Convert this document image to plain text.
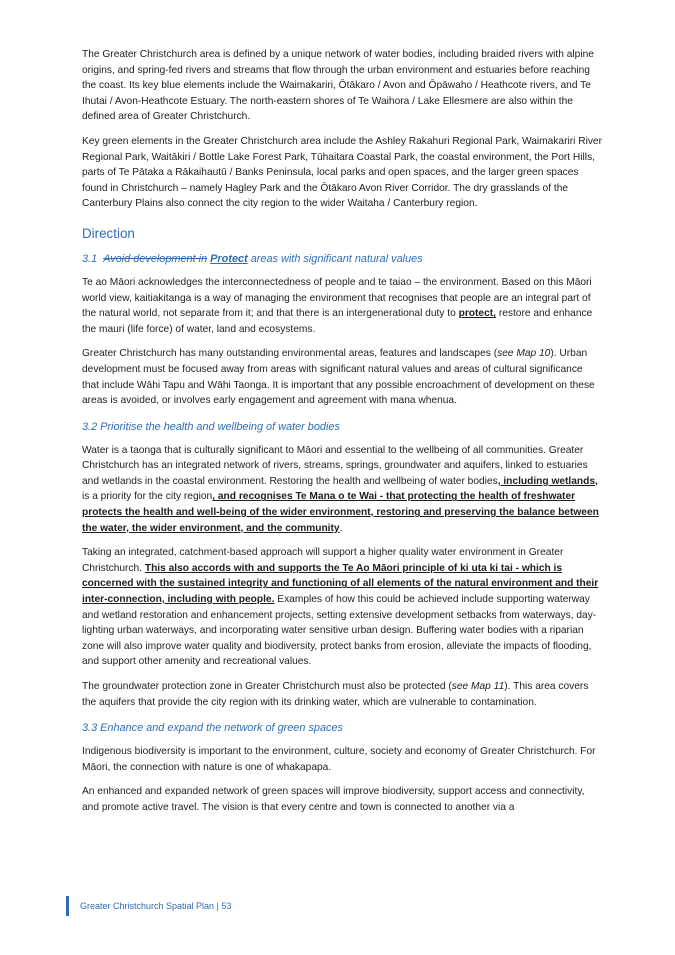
The Greater Christchurch area is defined by a unique network of water bodies, including braided rivers with alpine origins, and spring-fed rivers and streams that flow through the urban environment and estuaries before reaching the coast. Its key blue elements include the Waimakariri, Ōtākaro / Avon and Ōpāwaho / Heathcote rivers, and Te Ihutai / Avon-Heathcote Estuary. The north-eastern shores of Te Waihora / Lake Ellesmere are also within the defined area of Greater Christchurch.

Key green elements in the Greater Christchurch area include the Ashley Rakahuri Regional Park, Waimakariri River Regional Park, Waitākiri / Bottle Lake Forest Park, Tūhaitara Coastal Park, the coastal environment, the Port Hills, parts of Te Pātaka a Rākaihautū / Banks Peninsula, local parks and open spaces, and the larger green spaces found in Christchurch – namely Hagley Park and the Ōtākaro Avon River Corridor. The dry grasslands of the Canterbury Plains also connect the city region to the wider Waitaha / Canterbury region.

Direction
3.1 Avoid development in Protect areas with significant natural values

Te ao Māori acknowledges the interconnectedness of people and te taiao – the environment. Based on this Māori world view, kaitiakitanga is a way of managing the environment that recognises that people are an integral part of the natural world, not separate from it; and that there is an intergenerational duty to protect, restore and enhance the mauri (life force) of water, land and ecosystems.

Greater Christchurch has many outstanding environmental areas, features and landscapes (see Map 10). Urban development must be focused away from areas with significant natural values and areas of cultural significance that include Wāhi Tapu and Wāhi Taonga. It is important that any possible encroachment of development on these areas is avoided, or involves early engagement and agreement with mana whenua.

3.2 Prioritise the health and wellbeing of water bodies

Water is a taonga that is culturally significant to Māori and essential to the wellbeing of all communities. Greater Christchurch has an integrated network of rivers, streams, springs, groundwater and aquifers, linked to estuaries and wetlands in the coastal environment. Restoring the health and wellbeing of water bodies, including wetlands, is a priority for the city region, and recognises Te Mana o te Wai - that protecting the health of freshwater protects the health and well-being of the wider environment, restoring and preserving the balance between the water, the wider environment, and the community.

Taking an integrated, catchment-based approach will support a higher quality water environment in Greater Christchurch. This also accords with and supports the Te Ao Māori principle of ki uta ki tai - which is concerned with the sustained integrity and functioning of all elements of the natural environment and their inter-connection, including with people. Examples of how this could be achieved include supporting waterway and wetland restoration and enhancement projects, setting extensive development setbacks from waterways, day-lighting urban waterways, and incorporating water sensitive urban design. Buffering water bodies with a riparian zone will also improve water quality and biodiversity, protect banks from erosion, alleviate the impacts of flooding, and support other amenity and recreational values.

The groundwater protection zone in Greater Christchurch must also be protected (see Map 11). This area covers the aquifers that provide the city region with its drinking water, which are vulnerable to contamination.

3.3 Enhance and expand the network of green spaces

Indigenous biodiversity is important to the environment, culture, society and economy of Greater Christchurch. For Māori, the connection with nature is one of whakapapa.

An enhanced and expanded network of green spaces will improve biodiversity, support access and connectivity, and promote active travel. The vision is that every centre and town is connected to another via a

Greater Christchurch Spatial Plan | 53
